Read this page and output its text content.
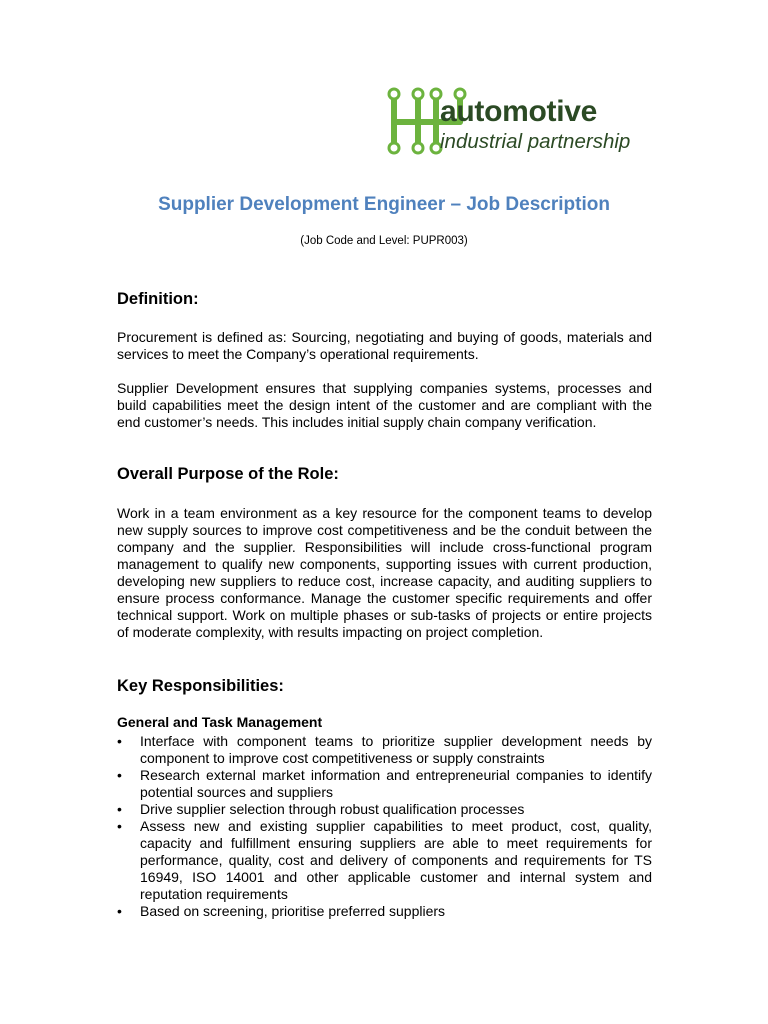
automotive
industrial partnership
Supplier Development Engineer – Job Description
(Job Code and Level: PUPR003)
Definition:

Procurement is defined as: Sourcing, negotiating and buying of goods, materials and services to meet the Company’s operational requirements.

Supplier Development ensures that supplying companies systems, processes and build capabilities meet the design intent of the customer and are compliant with the end customer’s needs. This includes initial supply chain company verification.

Overall Purpose of the Role:

Work in a team environment as a key resource for the component teams to develop new supply sources to improve cost competitiveness and be the conduit between the company and the supplier. Responsibilities will include cross-functional program management to qualify new components, supporting issues with current production, developing new suppliers to reduce cost, increase capacity, and auditing suppliers to ensure process conformance. Manage the customer specific requirements and offer technical support. Work on multiple phases or sub-tasks of projects or entire projects of moderate complexity, with results impacting on project completion.

Key Responsibilities:
General and Task Management
• Interface with component teams to prioritize supplier development needs by component to improve cost competitiveness or supply constraints
• Research external market information and entrepreneurial companies to identify potential sources and suppliers
• Drive supplier selection through robust qualification processes
• Assess new and existing supplier capabilities to meet product, cost, quality, capacity and fulfillment ensuring suppliers are able to meet requirements for performance, quality, cost and delivery of components and requirements for TS 16949, ISO 14001 and other applicable customer and internal system and reputation requirements
• Based on screening, prioritise preferred suppliers
